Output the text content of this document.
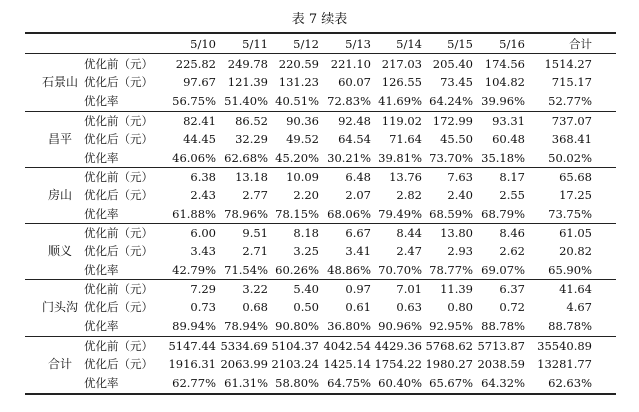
表 7 续表
5/10	5/11	5/12	5/13	5/14	5/15	5/16	合计
石景山
优化前（元）	225.82	249.78 220.59	221.10 217.03 205.40	174.56	1514.27
优化后（元）	97.67	121.39 131.23	60.07 126.55	73.45	104.82	715.17
优化率	56.75% 51.40% 40.51% 72.83% 41.69% 64.24% 39.96%	52.77%
昌平
优化前（元）	82.41	86.52	90.36	92.48 119.02 172.99	93.31	737.07
优化后（元）	44.45	32.29	49.52	64.54	71.64	45.50	60.48	368.41
优化率	46.06% 62.68% 45.20% 30.21% 39.81% 73.70% 35.18%	50.02%
房山
优化前（元）	6.38	13.18	10.09	6.48	13.76	7.63	8.17	65.68
优化后（元）	2.43	2.77	2.20	2.07	2.82	2.40	2.55	17.25
优化率	61.88% 78.96% 78.15% 68.06% 79.49% 68.59% 68.79%	73.75%
顺义
优化前（元）	6.00	9.51	8.18	6.67	8.44	13.80	8.46	61.05
优化后（元）	3.43	2.71	3.25	3.41	2.47	2.93	2.62	20.82
优化率	42.79% 71.54% 60.26% 48.86% 70.70% 78.77% 69.07%	65.90%
门头沟
优化前（元）	7.29	3.22	5.40	0.97	7.01	11.39	6.37	41.64
优化后（元）	0.73	0.68	0.50	0.61	0.63	0.80	0.72	4.67
优化率	89.94% 78.94% 90.80% 36.80% 90.96% 92.95% 88.78%	88.78%
合计
优化前（元）	5147.44 5334.69 5104.37 4042.54 4429.36 5768.62 5713.87 35540.89
优化后（元）	1916.31 2063.99 2103.24 1425.14 1754.22 1980.27 2038.59 13281.77
优化率	62.77% 61.31% 58.80% 64.75% 60.40% 65.67% 64.32%	62.63%
